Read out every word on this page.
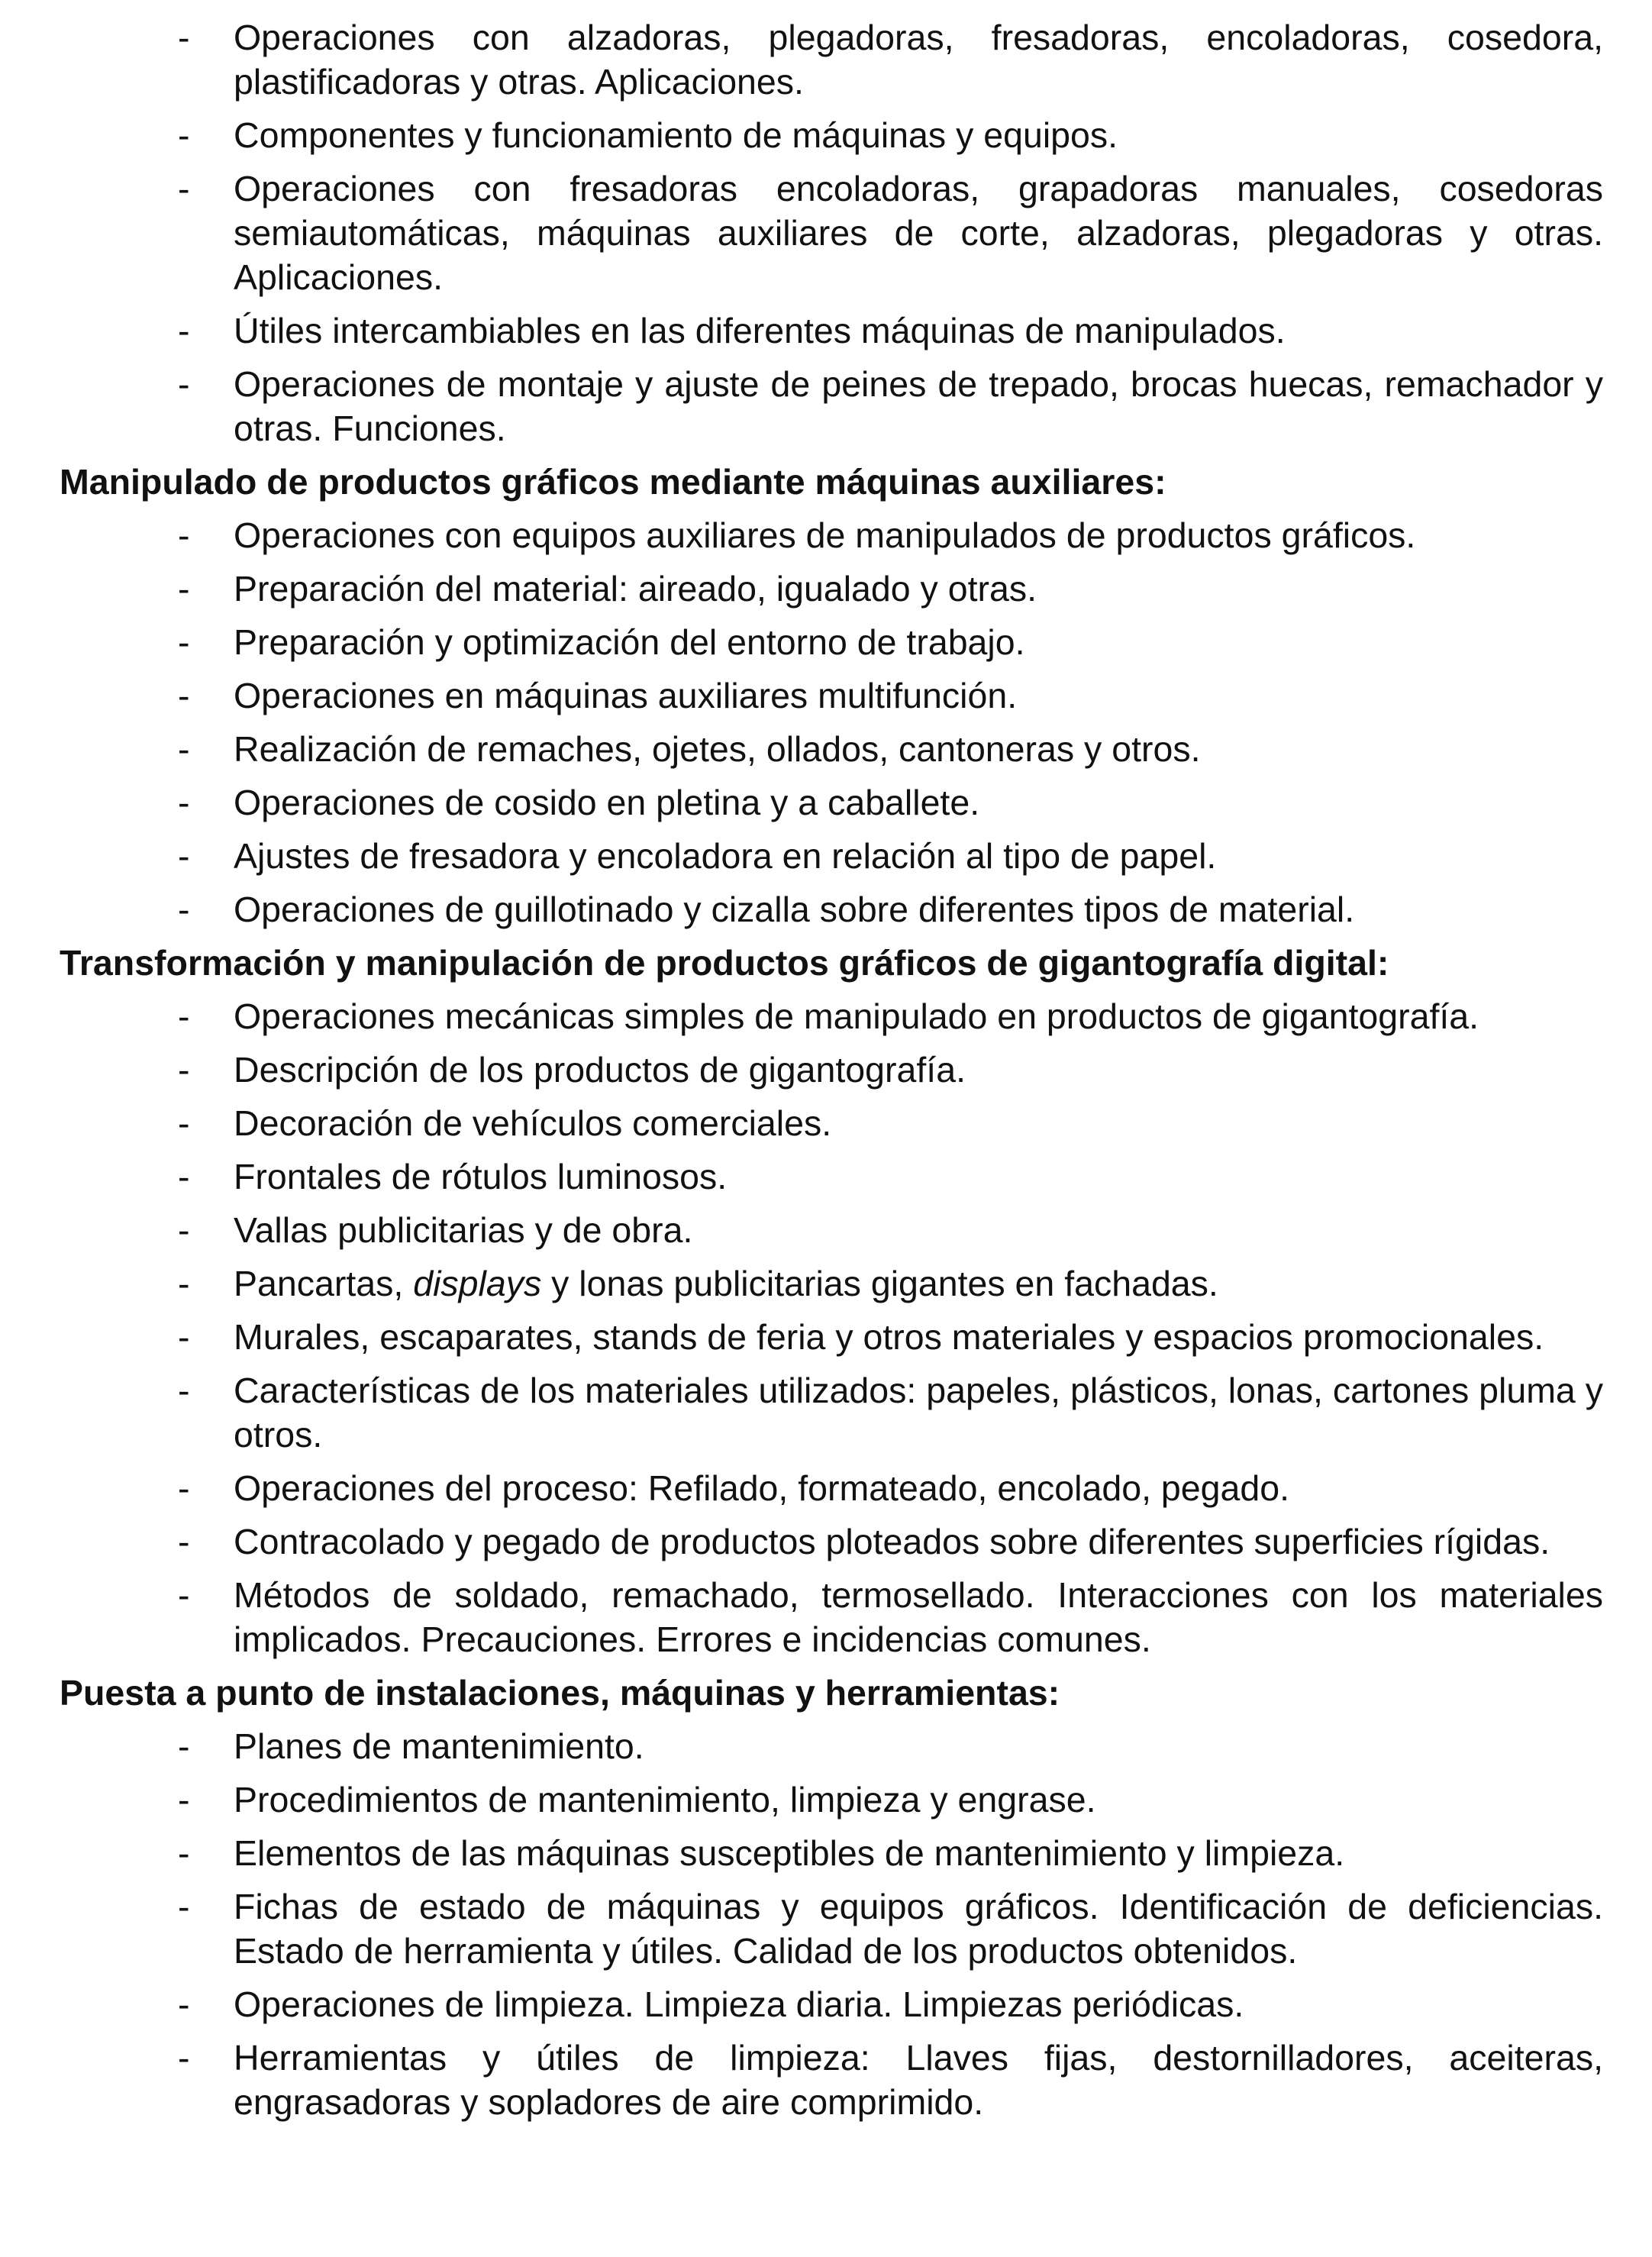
- Operaciones con alzadoras, plegadoras, fresadoras, encoladoras, cosedora, plastificadoras y otras. Aplicaciones.
- Componentes y funcionamiento de máquinas y equipos.
- Operaciones con fresadoras encoladoras, grapadoras manuales, cosedoras semiautomáticas, máquinas auxiliares de corte, alzadoras, plegadoras y otras. Aplicaciones.
- Útiles intercambiables en las diferentes máquinas de manipulados.
- Operaciones de montaje y ajuste de peines de trepado, brocas huecas, remachador y otras. Funciones.

Manipulado de productos gráficos mediante máquinas auxiliares:

- Operaciones con equipos auxiliares de manipulados de productos gráficos.
- Preparación del material: aireado, igualado y otras.
- Preparación y optimización del entorno de trabajo.
- Operaciones en máquinas auxiliares multifunción.
- Realización de remaches, ojetes, ollados, cantoneras y otros.
- Operaciones de cosido en pletina y a caballete.
- Ajustes de fresadora y encoladora en relación al tipo de papel.
- Operaciones de guillotinado y cizalla sobre diferentes tipos de material.

Transformación y manipulación de productos gráficos de gigantografía digital:

- Operaciones mecánicas simples de manipulado en productos de gigantografía.
- Descripción de los productos de gigantografía.
- Decoración de vehículos comerciales.
- Frontales de rótulos luminosos.
- Vallas publicitarias y de obra.
- Pancartas, displays y lonas publicitarias gigantes en fachadas.
- Murales, escaparates, stands de feria y otros materiales y espacios promocionales.
- Características de los materiales utilizados: papeles, plásticos, lonas, cartones pluma y otros.
- Operaciones del proceso: Refilado, formateado, encolado, pegado.
- Contracolado y pegado de productos ploteados sobre diferentes superficies rígidas.
- Métodos de soldado, remachado, termosellado. Interacciones con los materiales implicados. Precauciones. Errores e incidencias comunes.

Puesta a punto de instalaciones, máquinas y herramientas:

- Planes de mantenimiento.
- Procedimientos de mantenimiento, limpieza y engrase.
- Elementos de las máquinas susceptibles de mantenimiento y limpieza.
- Fichas de estado de máquinas y equipos gráficos. Identificación de deficiencias. Estado de herramienta y útiles. Calidad de los productos obtenidos.
- Operaciones de limpieza. Limpieza diaria. Limpiezas periódicas.
- Herramientas y útiles de limpieza: Llaves fijas, destornilladores, aceiteras, engrasadoras y sopladores de aire comprimido.
